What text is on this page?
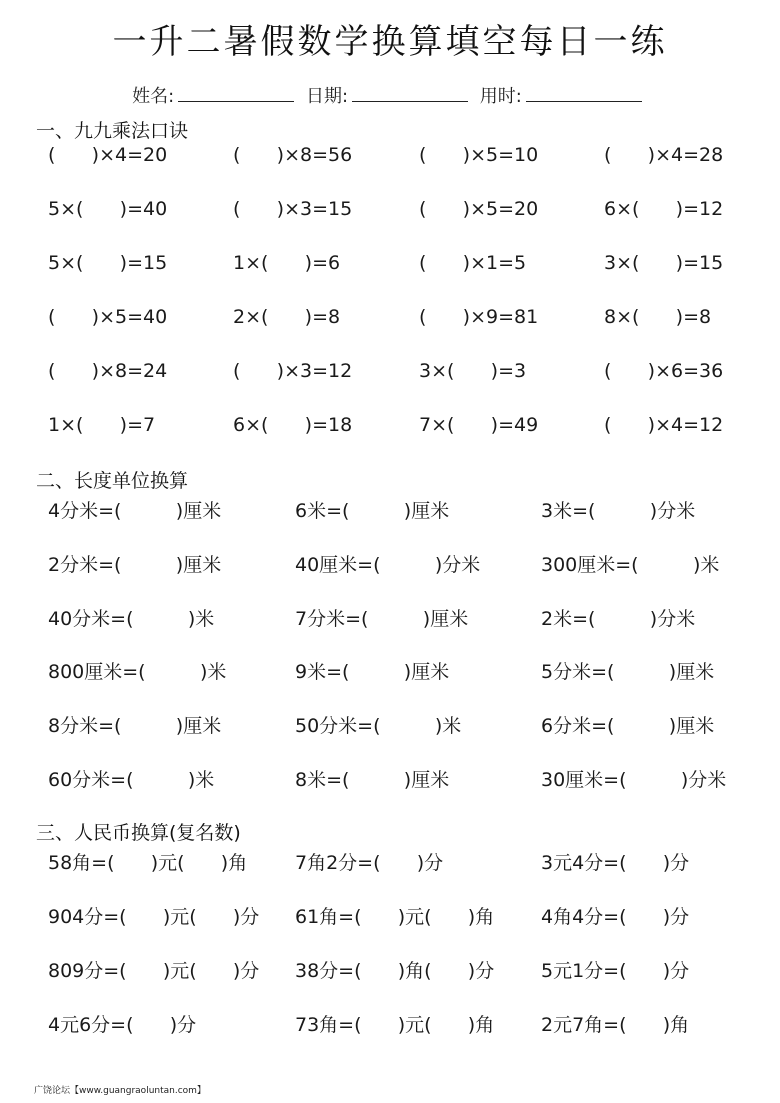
一升二暑假数学换算填空每日一练
姓名:	日期:	用时:
一、九九乘法口诀
(      )×4=20	(      )×8=56	(      )×5=10	(      )×4=28
5×(      )=40	(      )×3=15	(      )×5=20	6×(      )=12
5×(      )=15	1×(      )=6	(      )×1=5	3×(      )=15
(      )×5=40	2×(      )=8	(      )×9=81	8×(      )=8
(      )×8=24	(      )×3=12	3×(      )=3	(      )×6=36
1×(      )=7	6×(      )=18	7×(      )=49	(      )×4=12
二、长度单位换算
4分米=(         )厘米	6米=(         )厘米	3米=(         )分米
2分米=(         )厘米	40厘米=(         )分米	300厘米=(         )米
40分米=(         )米	7分米=(         )厘米	2米=(         )分米
800厘米=(         )米	9米=(         )厘米	5分米=(         )厘米
8分米=(         )厘米	50分米=(         )米	6分米=(         )厘米
60分米=(         )米	8米=(         )厘米	30厘米=(         )分米
三、人民币换算(复名数)
58角=(      )元(      )角	7角2分=(      )分	3元4分=(      )分
904分=(      )元(      )分 61角=(      )元(      )角 4角4分=(      )分
809分=(      )元(      )分 38分=(      )角(      )分 5元1分=(      )分
4元6分=(      )分	73角=(      )元(      )角 2元7角=(      )角
广饶论坛【www.guangraoluntan.com】
